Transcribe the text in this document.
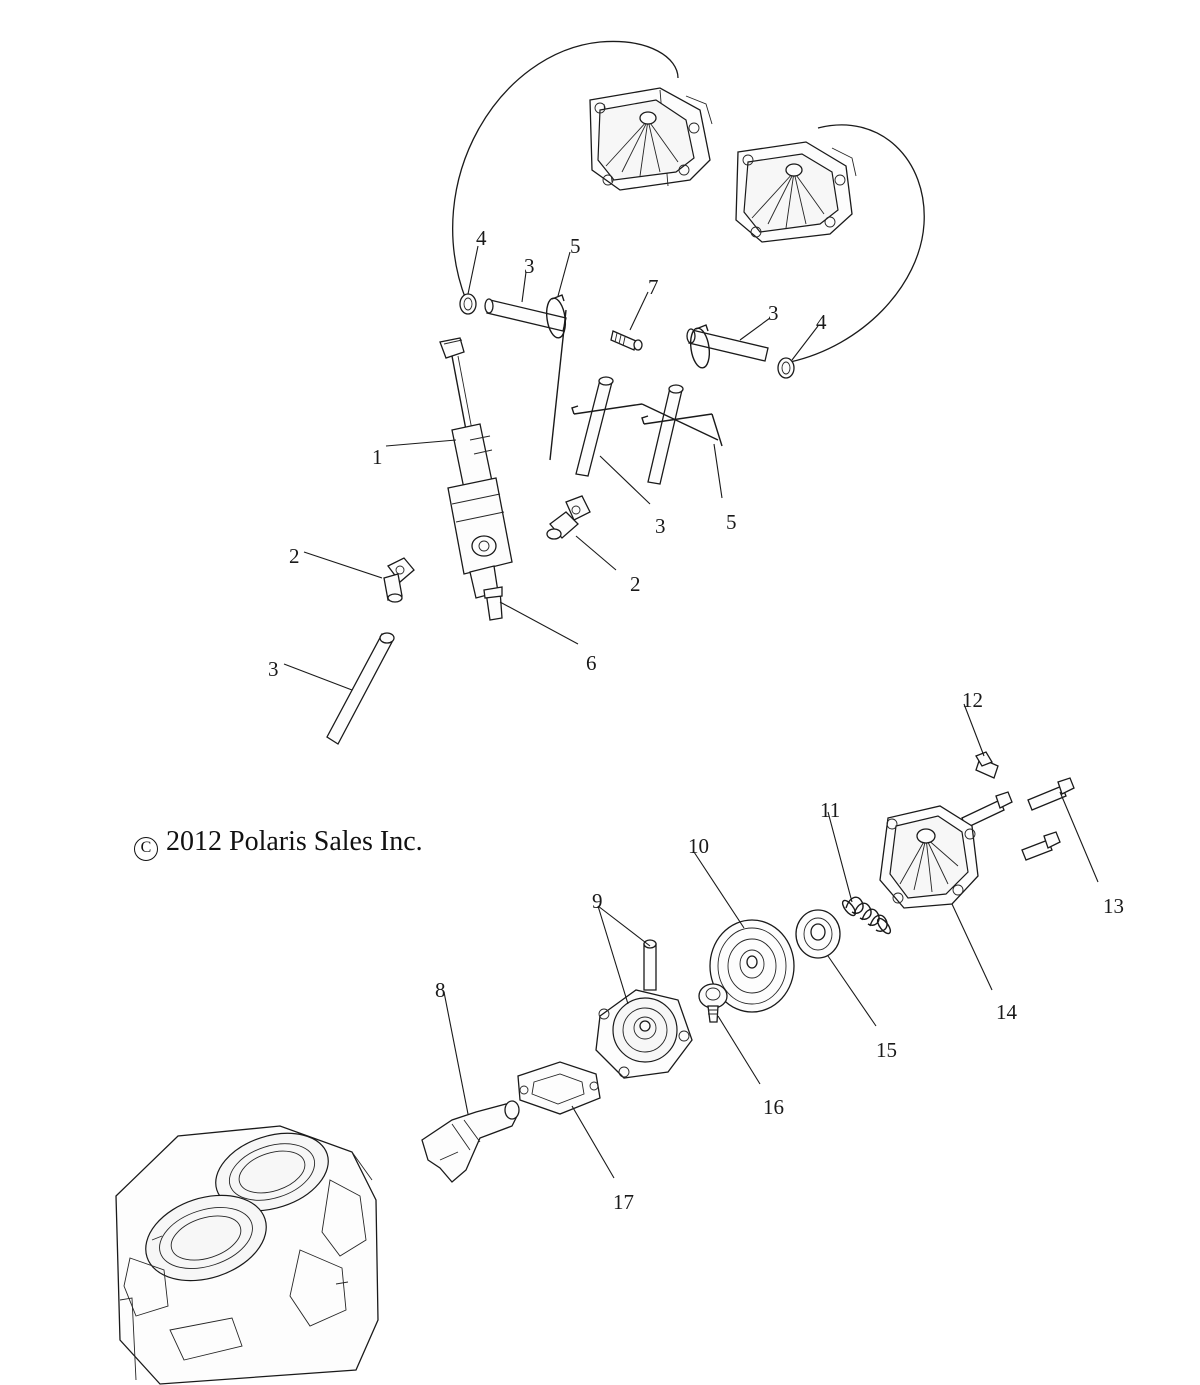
C 2012 Polaris Sales Inc.
4
3
5
7
3 4
1
3	5
2
2
6
3
12
11
13
10
9
14
15
8
16
17
